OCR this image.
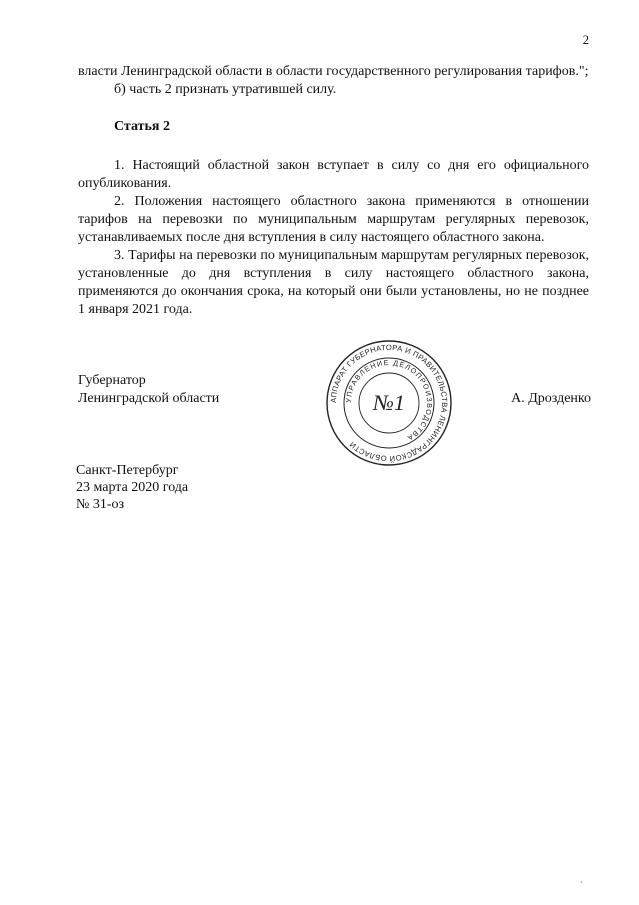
2

власти Ленинградской области в области государственного регулирования тарифов.";

б) часть 2 признать утратившей силу.

Статья 2

1. Настоящий областной закон вступает в силу со дня его официального опубликования.

2. Положения настоящего областного закона применяются в отношении тарифов на перевозки по муниципальным маршрутам регулярных перевозок, устанавливаемых после дня вступления в силу настоящего областного закона.

3. Тарифы на перевозки по муниципальным маршрутам регулярных перевозок, установленные до дня вступления в силу настоящего областного закона, применяются до окончания срока, на который они были установлены, но не позднее 1 января 2021 года.

Губернатор
Ленинградской области	АППАРАТ ГУБЕРНАТОРА И ПРАВИТЕЛЬСТВА ЛЕНИНГРАДСКОЙ ОБЛАСТИ
УПРАВЛЕНИЕ ДЕЛОПРОИЗВОДСТВА
№1	А. Дрозденко
Санкт-Петербург
23 марта 2020 года
№ 31-оз
`
